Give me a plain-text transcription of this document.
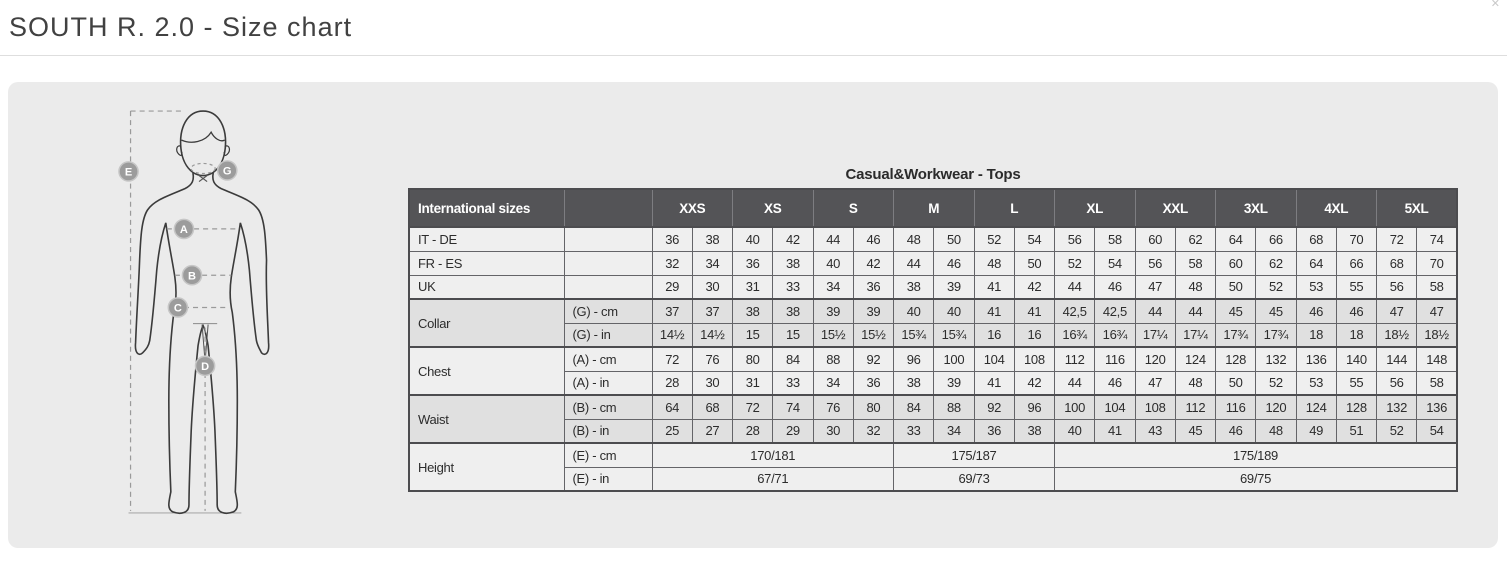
SOUTH R. 2.0 - Size chart
✕
E	G
A
B
C
D
Casual&Workwear - Tops
International sizes		XXS		XS		S		M		L		XL		XXL		3XL		4XL		5XL	
IT - DE		36	38	40	42	44	46	48	50	52	54	56	58	60	62	64	66	68	70	72	74
FR - ES		32	34	36	38	40	42	44	46	48	50	52	54	56	58	60	62	64	66	68	70
UK		29	30	31	33	34	36	38	39	41	42	44	46	47	48	50	52	53	55	56	58
Collar	(G) - cm	37	37	38	38	39	39	40	40	41	41	42,5	42,5	44	44	45	45	46	46	47	47
	(G) - in	14½	14½	15	15	15½	15½	15¾	15¾	16	16	16¾	16¾	17¼	17¼	17¾	17¾	18	18	18½	18½
Chest	(A) - cm	72	76	80	84	88	92	96	100	104	108	112	116	120	124	128	132	136	140	144	148
	(A) - in	28	30	31	33	34	36	38	39	41	42	44	46	47	48	50	52	53	55	56	58
Waist	(B) - cm	64	68	72	74	76	80	84	88	92	96	100	104	108	112	116	120	124	128	132	136
	(B) - in	25	27	28	29	30	32	33	34	36	38	40	41	43	45	46	48	49	51	52	54
Height	(E) - cm	170/181						175/187				175/189									
	(E) - in	67/71						69/73				69/75									
